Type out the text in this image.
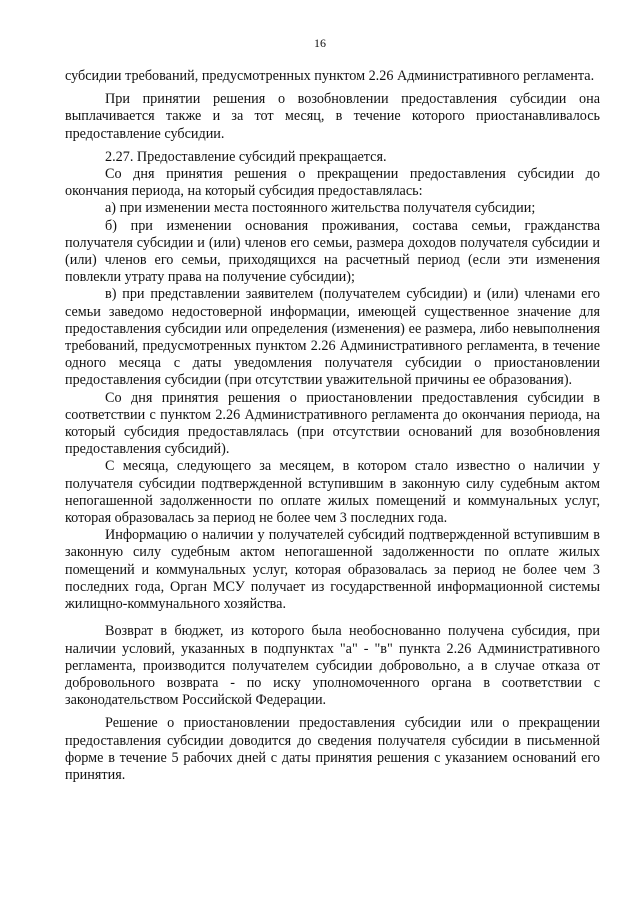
16

субсидии требований, предусмотренных пунктом 2.26 Административного регламента.

При принятии решения о возобновлении предоставления субсидии она выплачивается также и за тот месяц, в течение которого приостанавливалось предоставление субсидии.

2.27. Предоставление субсидий прекращается.

Со дня принятия решения о прекращении предоставления субсидии до окончания периода, на который субсидия предоставлялась:

а) при изменении места постоянного жительства получателя субсидии;

б) при изменении основания проживания, состава семьи, гражданства получателя субсидии и (или) членов его семьи, размера доходов получателя субсидии и (или) членов его семьи, приходящихся на расчетный период (если эти изменения повлекли утрату права на получение субсидии);

в) при представлении заявителем (получателем субсидии) и (или) членами его семьи заведомо недостоверной информации, имеющей существенное значение для предоставления субсидии или определения (изменения) ее размера, либо невыполнения требований, предусмотренных пунктом 2.26 Административного регламента, в течение одного месяца с даты уведомления получателя субсидии о приостановлении предоставления субсидии (при отсутствии уважительной причины ее образования).

Со дня принятия решения о приостановлении предоставления субсидии в соответствии с пунктом 2.26 Административного регламента до окончания периода, на который субсидия предоставлялась (при отсутствии оснований для возобновления предоставления субсидий).

С месяца, следующего за месяцем, в котором стало известно о наличии у получателя субсидии подтвержденной вступившим в законную силу судебным актом непогашенной задолженности по оплате жилых помещений и коммунальных услуг, которая образовалась за период не более чем 3 последних года.

Информацию о наличии у получателей субсидий подтвержденной вступившим в законную силу судебным актом непогашенной задолженности по оплате жилых помещений и коммунальных услуг, которая образовалась за период не более чем 3 последних года, Орган МСУ получает из государственной информационной системы жилищно-коммунального хозяйства.

Возврат в бюджет, из которого была необоснованно получена субсидия, при наличии условий, указанных в подпунктах "а" - "в" пункта 2.26 Административного регламента, производится получателем субсидии добровольно, а в случае отказа от добровольного возврата - по иску уполномоченного органа в соответствии с законодательством Российской Федерации.

Решение о приостановлении предоставления субсидии или о прекращении предоставления субсидии доводится до сведения получателя субсидии в письменной форме в течение 5 рабочих дней с даты принятия решения с указанием оснований его принятия.
